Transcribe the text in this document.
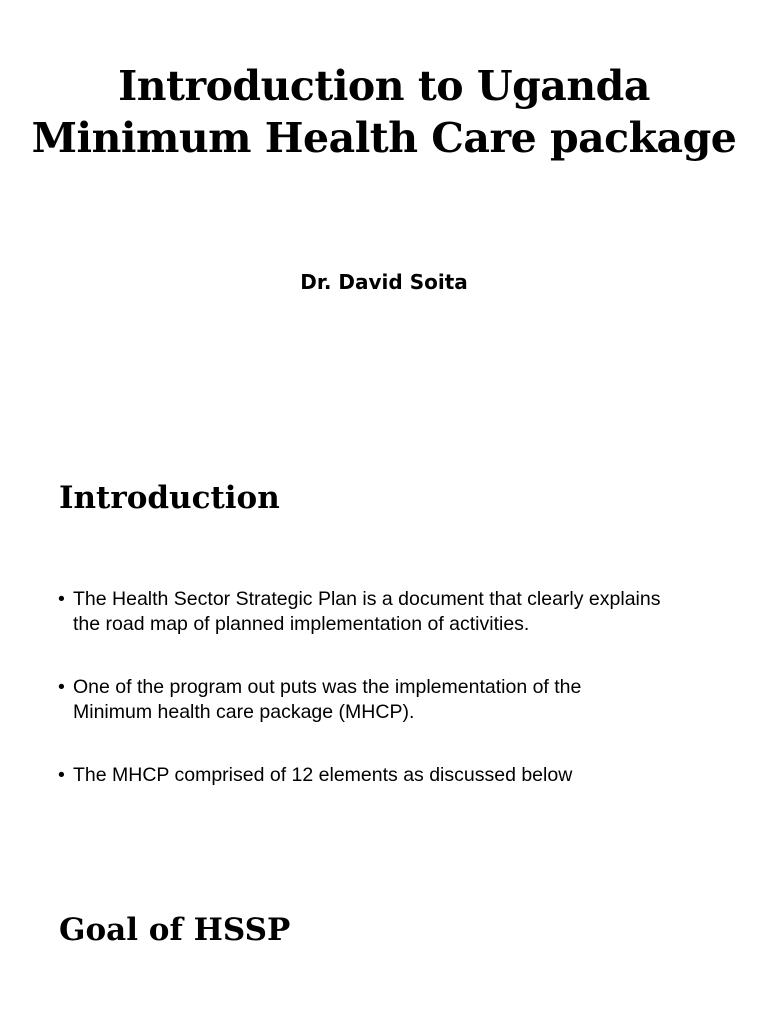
Introduction to Uganda
Minimum Health Care package
Dr. David Soita
Introduction
• The Health Sector Strategic Plan is a document that clearly explains
the road map of planned implementation of activities.
• One of the program out puts was the implementation of the
Minimum health care package (MHCP).
• The MHCP comprised of 12 elements as discussed below
Goal of HSSP
